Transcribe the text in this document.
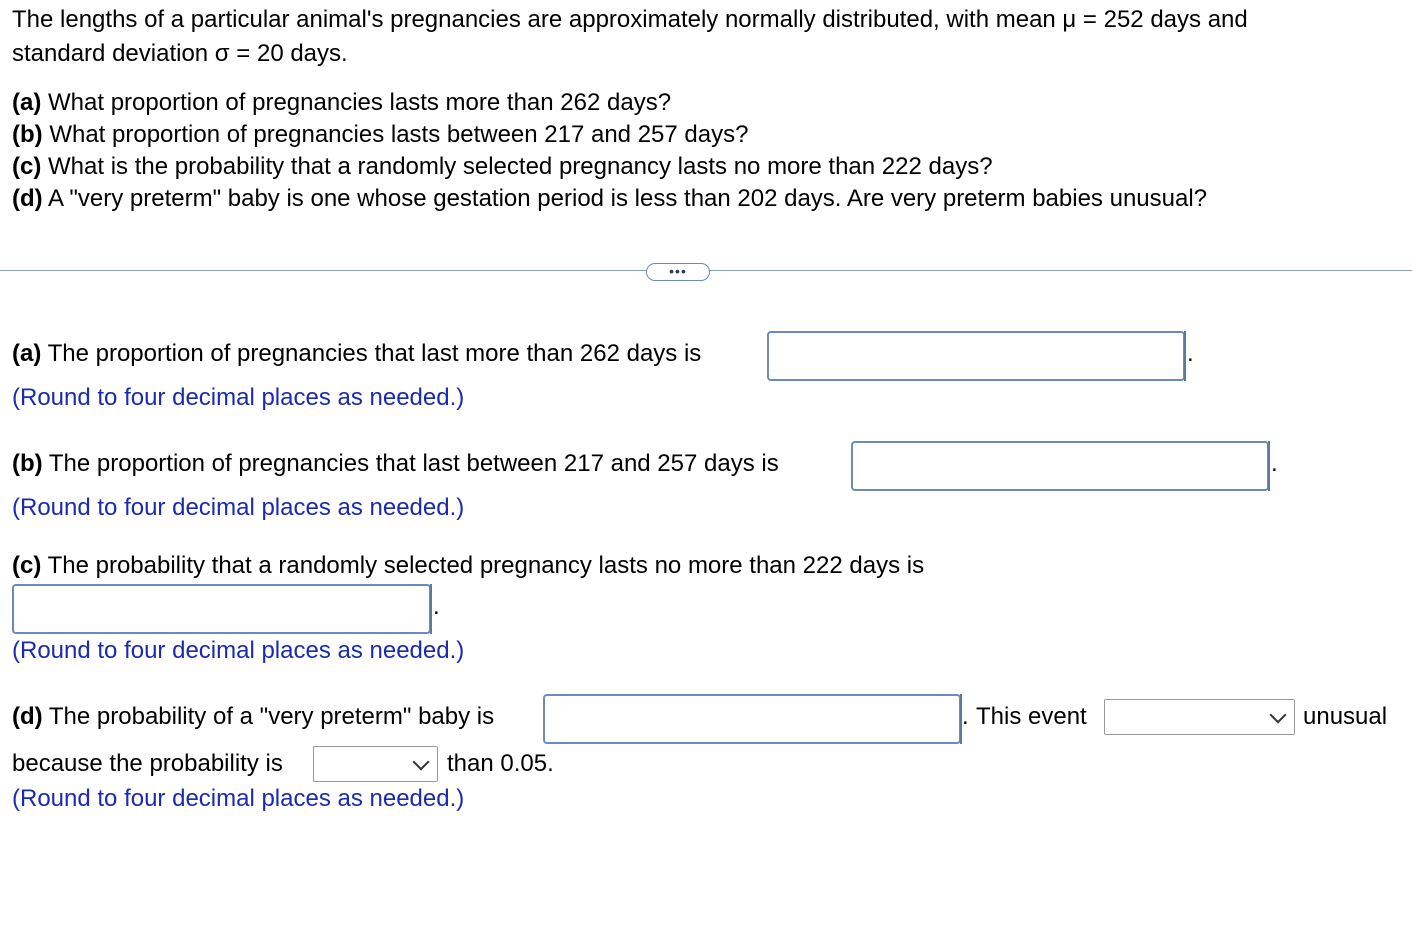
The lengths of a particular animal's pregnancies are approximately normally distributed, with mean μ = 252 days and
standard deviation σ = 20 days.
(a) What proportion of pregnancies lasts more than 262 days?
(b) What proportion of pregnancies lasts between 217 and 257 days?
(c) What is the probability that a randomly selected pregnancy lasts no more than 222 days?
(d) A "very preterm" baby is one whose gestation period is less than 202 days. Are very preterm babies unusual?
•••
(a) The proportion of pregnancies that last more than 262 days is	.
(Round to four decimal places as needed.)
(b) The proportion of pregnancies that last between 217 and 257 days is	.
(Round to four decimal places as needed.)
(c) The probability that a randomly selected pregnancy lasts no more than 222 days is
.
(Round to four decimal places as needed.)
(d) The probability of a "very preterm" baby is	. This event	unusual
because the probability is	than 0.05.
(Round to four decimal places as needed.)
